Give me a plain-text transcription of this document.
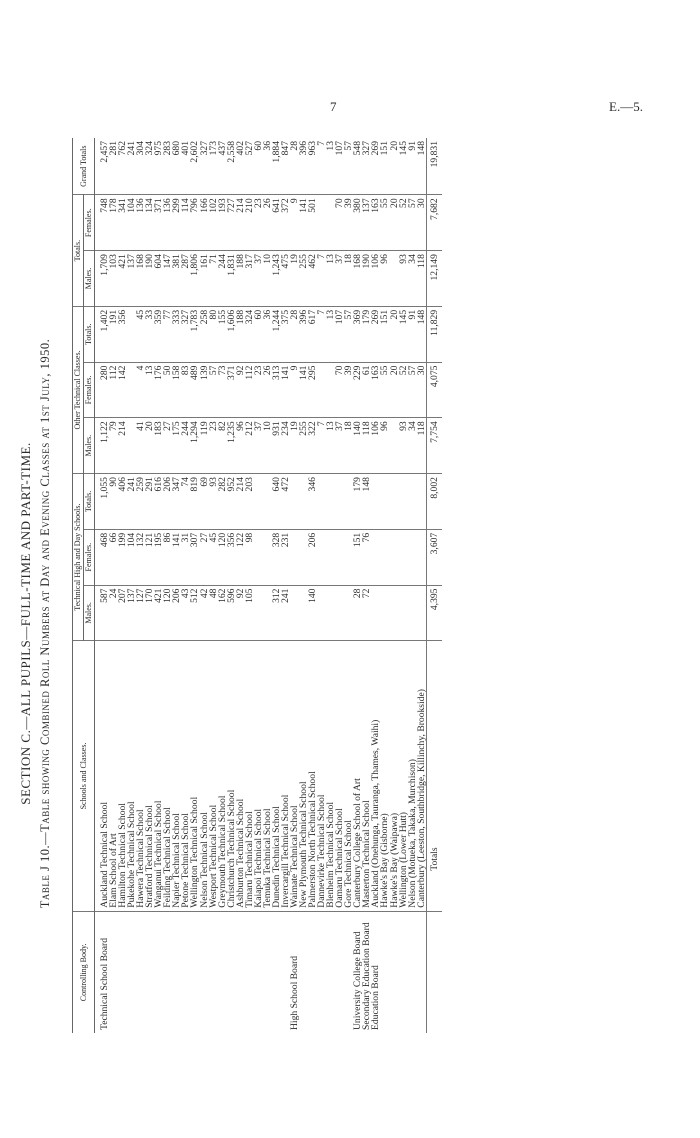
7	E.—5.
SECTION C.—ALL PUPILS—FULL-TIME AND PART-TIME. Table J 10.—Table showing Combined Roll Numbers at Day and Evening Classes at 1st July, 1950.
Controlling Body.	Schools and Classes.	Technical High and Day Schools.			Other Technical Classes.			Totals.		Grand Totals
		Males.	Females.	Totals.	Males.	Females.	Totals.	Males.	Females.	
Technical School Board	Auckland Technical School	587	468	1,055	1,122	280	1,402	1,709	748	2,457
	Elam School of Art	24	66	90	79	112	191	103	178	281
	Hamilton Technical School	207	199	406	214	142	356	421	341	762
	Pukekohe Technical School	137	104	241				137	104	241
	Hawera Technical School	127	132	259	41	4	45	168	136	304
	Stratford Technical School	170	121	291	20	13	33	190	134	324
	Wanganui Technical School	421	195	616	183	176	359	604	371	975
	Feilding Technical School	120	86	206	27	50	77	147	136	283
	Napier Technical School	206	141	347	175	158	333	381	299	680
	Petone Technical School	43	31	74	244	83	327	287	114	401
	Wellington Technical School	512	307	819	1,294	489	1,783	1,806	796	2,602
	Nelson Technical School	42	27	69	119	139	258	161	166	327
	Westport Technical School	48	45	93	23	57	80	71	102	173
	Greymouth Technical School	162	120	282	82	73	155	244	193	437
	Christchurch Technical School	596	356	952	1,235	371	1,606	1,831	727	2,558
	Ashburton Technical School	92	122	214	96	92	188	188	214	402
	Timaru Technical School	105	98	203	212	112	324	317	210	527
	Kaiapoi Technical School				37	23	60	37	23	60
	Temuka Technical School				10	26	36	10	26	36
	Dunedin Technical School	312	328	640	931	313	1,244	1,243	641	1,884
	Invercargill Technical School	241	231	472	234	141	375	475	372	847
High School Board	Waimate Technical School				19	9	28	19	9	28
	New Plymouth Technical School				255	141	396	255	141	396
	Palmerston North Technical School	140	206	346	322	295	617	462	501	963
	Dannevirke Technical School				7		7	7		7
	Blenheim Technical School				13		13	13		13
	Oamaru Technical School				37	70	107	37	70	107
	Gore Technical School				18	39	57	18	39	57
University College Board	Canterbury College School of Art	28	151	179	140	229	369	168	380	548
Secondary Education Board	Masterton Technical School	72	76	148	118	61	179	190	137	327
Education Board	Auckland (Onehunga, Tauranga, Thames, Waihi)				106	163	269	106	163	269
	Hawke's Bay (Gisborne)				96	55	151	96	55	151
	Hawke's Bay (Waipawa)					20	20		20	20
	Wellington (Lower Hutt)				93	52	145	93	52	145
	Nelson (Motueka, Takaka, Murchison)				34	57	91	34	57	91
	Canterbury (Leeston, Southbridge, Killinchy, Brookside)				118	30	148	118	30	148
	Totals	4,395	3,607	8,002	7,754	4,075	11,829	12,149	7,682	19,831
